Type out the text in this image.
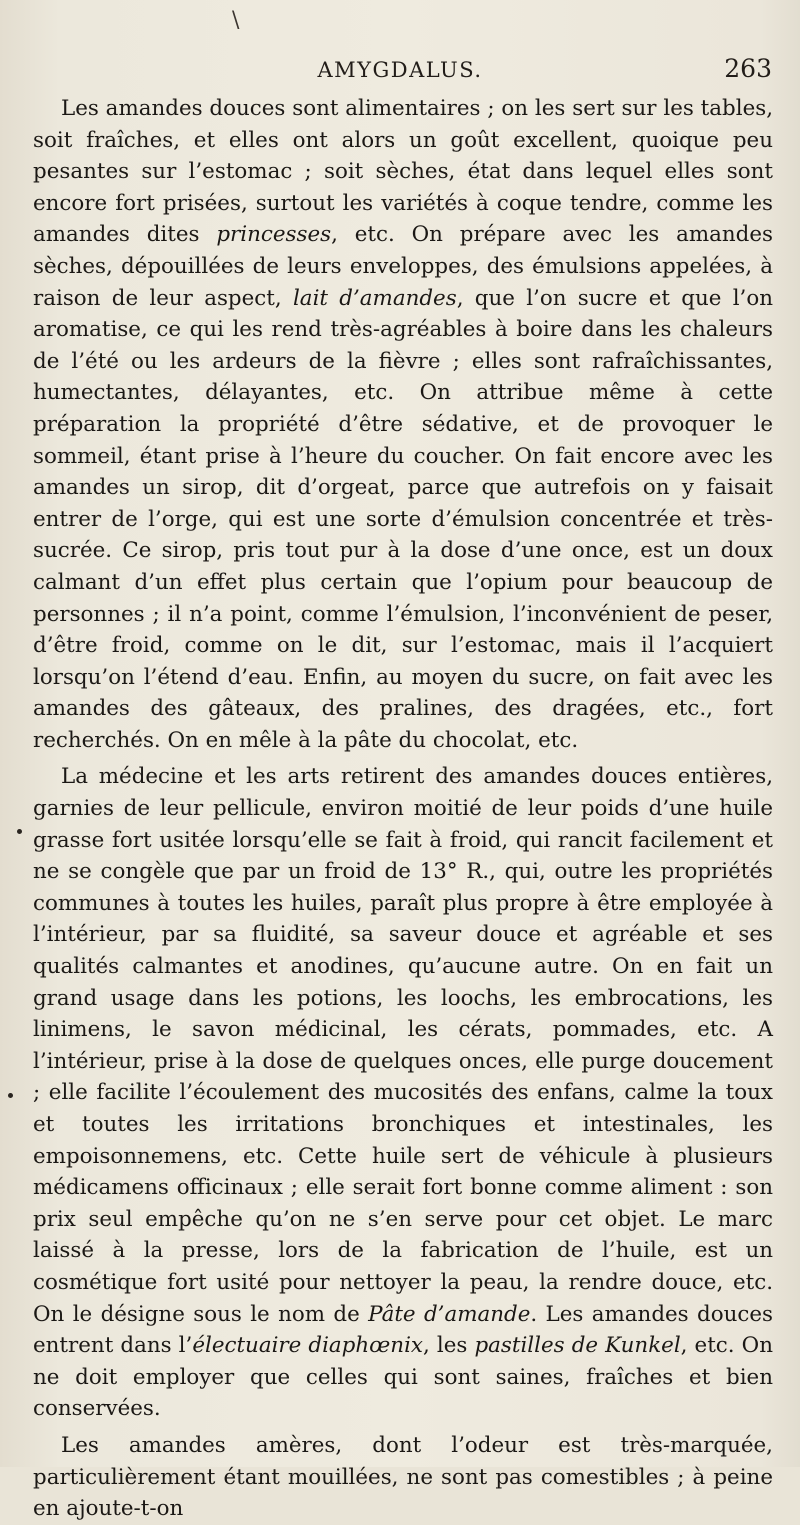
\
AMYGDALUS.	263

Les amandes douces sont alimentaires ; on les sert sur les tables, soit fraîches, et elles ont alors un goût excellent, quoique peu pesantes sur l’estomac ; soit sèches, état dans lequel elles sont encore fort prisées, surtout les variétés à coque tendre, comme les amandes dites princesses, etc. On prépare avec les amandes sèches, dépouillées de leurs enveloppes, des émulsions appelées, à raison de leur aspect, lait d’amandes, que l’on sucre et que l’on aromatise, ce qui les rend très-agréables à boire dans les chaleurs de l’été ou les ardeurs de la fièvre ; elles sont rafraîchissantes, humectantes, délayantes, etc. On attribue même à cette préparation la propriété d’être sédative, et de provoquer le sommeil, étant prise à l’heure du coucher. On fait encore avec les amandes un sirop, dit d’orgeat, parce que autrefois on y faisait entrer de l’orge, qui est une sorte d’émulsion concentrée et très-sucrée. Ce sirop, pris tout pur à la dose d’une once, est un doux calmant d’un effet plus certain que l’opium pour beaucoup de personnes ; il n’a point, comme l’émulsion, l’inconvénient de peser, d’être froid, comme on le dit, sur l’estomac, mais il l’acquiert lorsqu’on l’étend d’eau. Enfin, au moyen du sucre, on fait avec les amandes des gâteaux, des pralines, des dragées, etc., fort recherchés. On en mêle à la pâte du chocolat, etc.

La médecine et les arts retirent des amandes douces entières, garnies de leur pellicule, environ moitié de leur poids d’une huile grasse fort usitée lorsqu’elle se fait à froid, qui rancit facilement et ne se congèle que par un froid de 13° R., qui, outre les propriétés communes à toutes les huiles, paraît plus propre à être employée à l’intérieur, par sa fluidité, sa saveur douce et agréable et ses qualités calmantes et anodines, qu’aucune autre. On en fait un grand usage dans les potions, les loochs, les embrocations, les linimens, le savon médicinal, les cérats, pommades, etc. A l’intérieur, prise à la dose de quelques onces, elle purge doucement ; elle facilite l’écoulement des mucosités des enfans, calme la toux et toutes les irritations bronchiques et intestinales, les empoisonnemens, etc. Cette huile sert de véhicule à plusieurs médicamens officinaux ; elle serait fort bonne comme aliment : son prix seul empêche qu’on ne s’en serve pour cet objet. Le marc laissé à la presse, lors de la fabrication de l’huile, est un cosmétique fort usité pour nettoyer la peau, la rendre douce, etc. On le désigne sous le nom de Pâte d’amande. Les amandes douces entrent dans l’électuaire diaphœnix, les pastilles de Kunkel, etc. On ne doit employer que celles qui sont saines, fraîches et bien conservées.

Les amandes amères, dont l’odeur est très-marquée, particulièrement étant mouillées, ne sont pas comestibles ; à peine en ajoute-t-on
